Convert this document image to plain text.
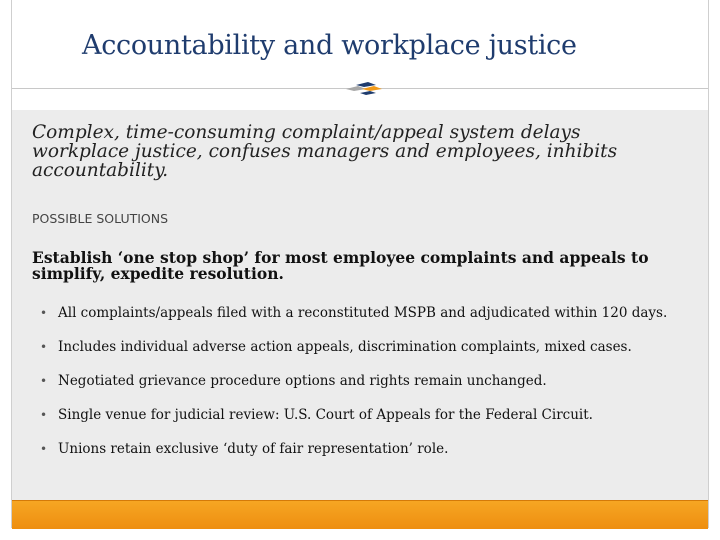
Accountability and workplace justice
Complex, time-consuming complaint/appeal system delays workplace justice, confuses managers and employees, inhibits accountability.
POSSIBLE SOLUTIONS
Establish ‘one stop shop’ for most employee complaints and appeals to simplify, expedite resolution.
• All complaints/appeals filed with a reconstituted MSPB and adjudicated within 120 days.
• Includes individual adverse action appeals, discrimination complaints, mixed cases.
• Negotiated grievance procedure options and rights remain unchanged.
• Single venue for judicial review: U.S. Court of Appeals for the Federal Circuit.
• Unions retain exclusive ‘duty of fair representation’ role.
